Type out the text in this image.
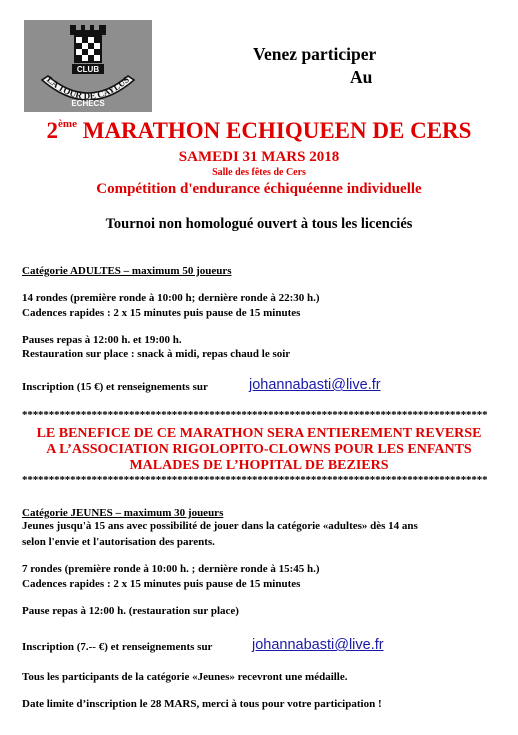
CLUB
LA TOUR DE CAYLUS
ECHECS
Venez participer
Au
2ème MARATHON ECHIQUEEN DE CERS
SAMEDI 31 MARS 2018
Salle des fêtes de Cers
Compétition d'endurance échiquéenne individuelle
Tournoi non homologué ouvert à tous les licenciés
Catégorie ADULTES – maximum 50 joueurs
14 rondes (première ronde à 10:00 h; dernière ronde à 22:30 h.)
Cadences rapides : 2 x 15 minutes puis pause de 15 minutes
Pauses repas à 12:00 h. et 19:00 h.
Restauration sur place : snack à midi, repas chaud le soir
Inscription (15 €) et renseignements sur	johannabasti@live.fr
***************************************************************************************
LE BENEFICE DE CE MARATHON SERA ENTIEREMENT REVERSE
A L’ASSOCIATION RIGOLOPITO-CLOWNS POUR LES ENFANTS
MALADES DE L’HOPITAL DE BEZIERS
***************************************************************************************
Catégorie JEUNES – maximum 30 joueurs
Jeunes jusqu'à 15 ans avec possibilité de jouer dans la catégorie «adultes» dès 14 ans
selon l'envie et l'autorisation des parents.
7 rondes (première ronde à 10:00 h. ; dernière ronde à 15:45 h.)
Cadences rapides : 2 x 15 minutes puis pause de 15 minutes
Pause repas à 12:00 h. (restauration sur place)
Inscription (7.-- €) et renseignements sur	johannabasti@live.fr
Tous les participants de la catégorie «Jeunes» recevront une médaille.
Date limite d’inscription le 28 MARS, merci à tous pour votre participation !
